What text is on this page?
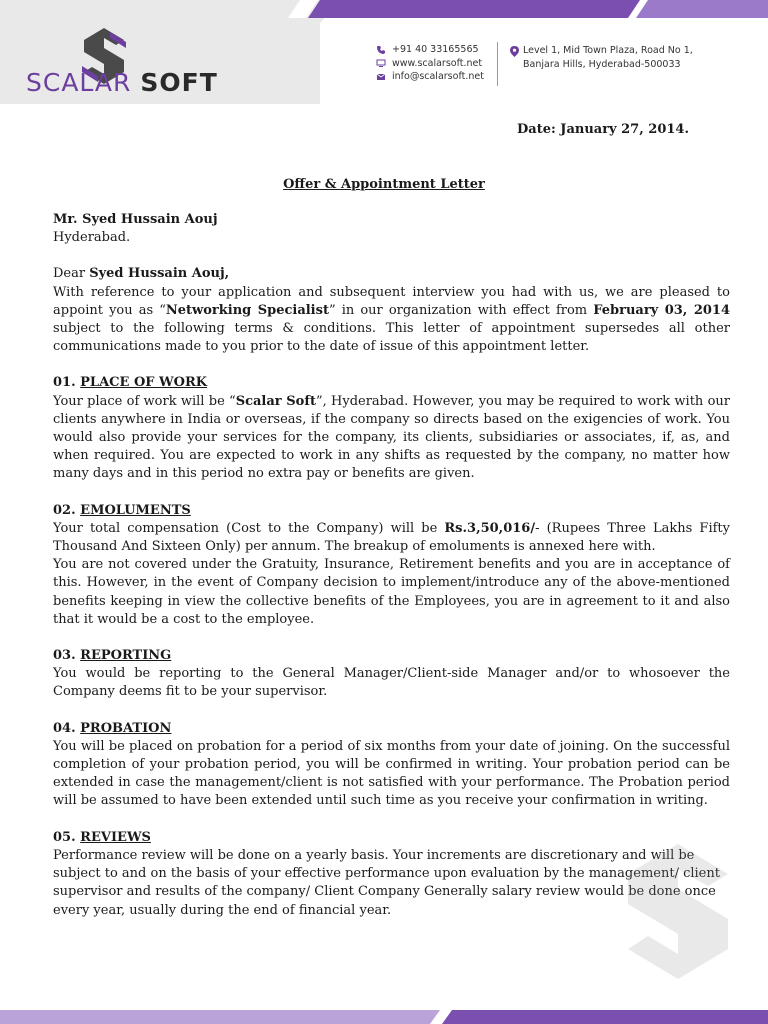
SCALAR SOFT
+91 40 33165565
www.scalarsoft.net
info@scalarsoft.net
Level 1, Mid Town Plaza, Road No 1,
Banjara Hills, Hyderabad-500033
Date: January 27, 2014.
Offer & Appointment Letter

Mr. Syed Hussain Aouj

Hyderabad.

Dear Syed Hussain Aouj,

With reference to your application and subsequent interview you had with us, we are pleased to appoint you as “Networking Specialist” in our organization with effect from February 03, 2014 subject to the following terms & conditions. This letter of appointment supersedes all other communications made to you prior to the date of issue of this appointment letter.

01. PLACE OF WORK

Your place of work will be “Scalar Soft”, Hyderabad. However, you may be required to work with our clients anywhere in India or overseas, if the company so directs based on the exigencies of work. You would also provide your services for the company, its clients, subsidiaries or associates, if, as, and when required. You are expected to work in any shifts as requested by the company, no matter how many days and in this period no extra pay or benefits are given.

02. EMOLUMENTS

Your total compensation (Cost to the Company) will be Rs.3,50,016/- (Rupees Three Lakhs Fifty Thousand And Sixteen Only) per annum. The breakup of emoluments is annexed here with.

You are not covered under the Gratuity, Insurance, Retirement benefits and you are in acceptance of this. However, in the event of Company decision to implement/introduce any of the above-mentioned benefits keeping in view the collective benefits of the Employees, you are in agreement to it and also that it would be a cost to the employee.

03. REPORTING

You would be reporting to the General Manager/Client-side Manager and/or to whosoever the Company deems fit to be your supervisor.

04. PROBATION

You will be placed on probation for a period of six months from your date of joining. On the successful completion of your probation period, you will be confirmed in writing. Your probation period can be extended in case the management/client is not satisfied with your performance. The Probation period will be assumed to have been extended until such time as you receive your confirmation in writing.

05. REVIEWS

Performance review will be done on a yearly basis. Your increments are discretionary and will be subject to and on the basis of your effective performance upon evaluation by the management/ client supervisor and results of the company/ Client Company Generally salary review would be done once every year, usually during the end of financial year.
